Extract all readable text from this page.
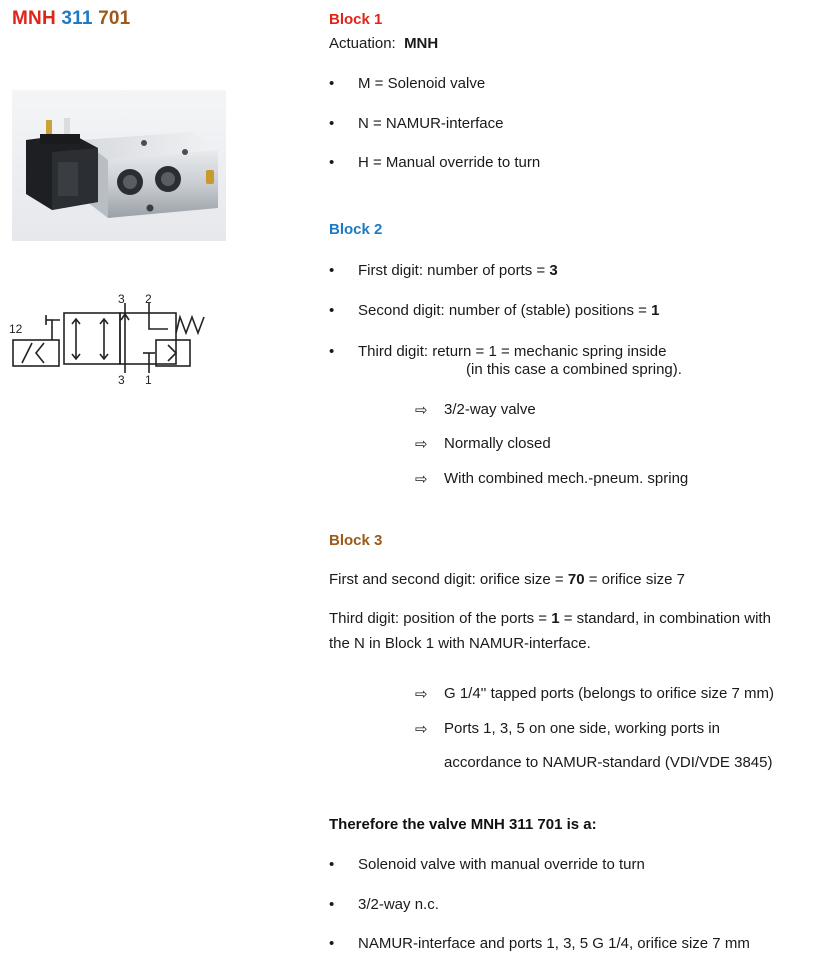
MNH 311 701
12
3 2
3 1
Block 1
Actuation: MNH
•	M = Solenoid valve
•	N = NAMUR-interface
•	H = Manual override to turn
Block 2
•	First digit: number of ports = 3
•	Second digit: number of (stable) positions = 1
•	Third digit: return = 1 = mechanic spring inside
(in this case a combined spring).
⇨ 3/2-way valve
⇨ Normally closed
⇨ With combined mech.-pneum. spring
Block 3
First and second digit: orifice size = 70 = orifice size 7
Third digit: position of the ports = 1 = standard, in combination with
the N in Block 1 with NAMUR-interface.
⇨ G 1/4'' tapped ports (belongs to orifice size 7 mm)
⇨ Ports 1, 3, 5 on one side, working ports in
accordance to NAMUR-standard (VDI/VDE 3845)
Therefore the valve MNH 311 701 is a:
•	Solenoid valve with manual override to turn
•	3/2-way n.c.
•	NAMUR-interface and ports 1, 3, 5 G 1/4, orifice size 7 mm
